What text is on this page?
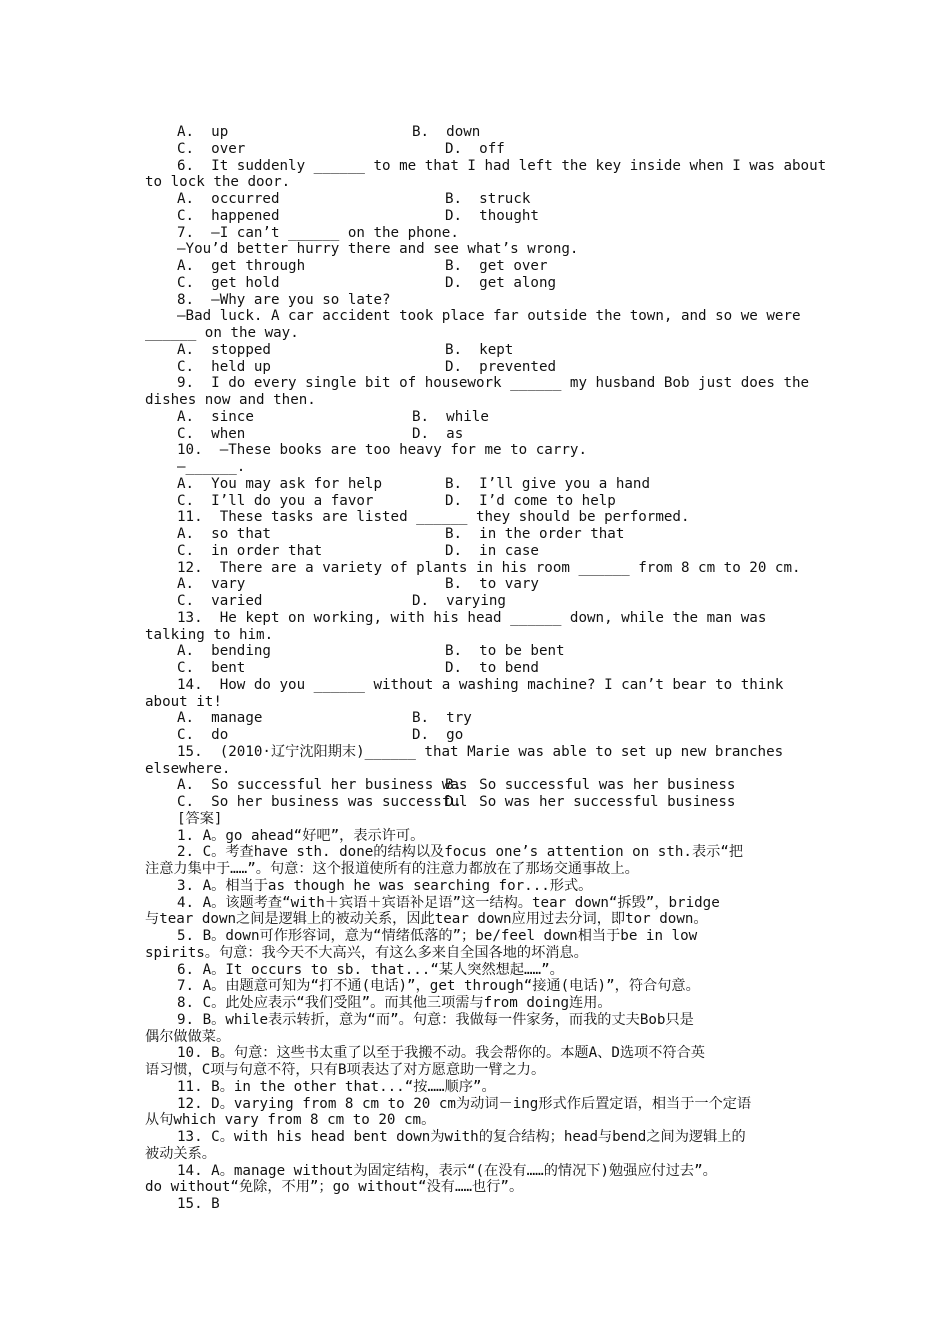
A.  up	B.  down
C.  over	D.  off
6.  It suddenly ______ to me that I had left the key inside when I was about
to lock the door.
A.  occurred	B.  struck
C.  happened	D.  thought
7.  —I can’t ______ on the phone.
—You’d better hurry there and see what’s wrong.
A.  get through	B.  get over
C.  get hold	D.  get along
8.  —Why are you so late?
—Bad luck. A car accident took place far outside the town, and so we were
______ on the way.
A.  stopped	B.  kept
C.  held up	D.  prevented
9.  I do every single bit of housework ______ my husband Bob just does the
dishes now and then.
A.  since	B.  while
C.  when	D.  as
10.  —These books are too heavy for me to carry.
—______.
A.  You may ask for help	B.  I’ll give you a hand
C.  I’ll do you a favor	D.  I’d come to help
11.  These tasks are listed ______ they should be performed.
A.  so that	B.  in the order that
C.  in order that	D.  in case
12.  There are a variety of plants in his room ______ from 8 cm to 20 cm.
A.  vary	B.  to vary
C.  varied	D.  varying
13.  He kept on working, with his head ______ down, while the man was
talking to him.
A.  bending	B.  to be bent
C.  bent	D.  to bend
14.  How do you ______ without a washing machine? I can’t bear to think
about it!
A.  manage	B.  try
C.  do	D.  go
15.  (2010·辽宁沈阳期末)______ that Marie was able to set up new branches
elsewhere.
A.  So successful her business was
B.  So successful was her business
C.  So her business was successful
D.  So was her successful business
[答案]
1. A。go ahead“好吧”，表示许可。
2. C。考查have sth. done的结构以及focus one’s attention on sth.表示“把
注意力集中于……”。句意：这个报道使所有的注意力都放在了那场交通事故上。
3. A。相当于as though he was searching for...形式。
4. A。该题考查“with＋宾语＋宾语补足语”这一结构。tear down“拆毁”，bridge
与tear down之间是逻辑上的被动关系，因此tear down应用过去分词，即tor down。
5. B。down可作形容词，意为“情绪低落的”；be/feel down相当于be in low
spirits。句意：我今天不大高兴，有这么多来自全国各地的坏消息。
6. A。It occurs to sb. that...“某人突然想起……”。
7. A。由题意可知为“打不通(电话)”，get through“接通(电话)”，符合句意。
8. C。此处应表示“我们受阻”。而其他三项需与from doing连用。
9. B。while表示转折，意为“而”。句意：我做每一件家务，而我的丈夫Bob只是
偶尔做做菜。
10. B。句意：这些书太重了以至于我搬不动。我会帮你的。本题A、D选项不符合英
语习惯，C项与句意不符，只有B项表达了对方愿意助一臂之力。
11. B。in the other that...“按……顺序”。
12. D。varying from 8 cm to 20 cm为动词－ing形式作后置定语，相当于一个定语
从句which vary from 8 cm to 20 cm。
13. C。with his head bent down为with的复合结构；head与bend之间为逻辑上的
被动关系。
14. A。manage without为固定结构，表示“(在没有……的情况下)勉强应付过去”。
do without“免除，不用”；go without“没有……也行”。
15. B
